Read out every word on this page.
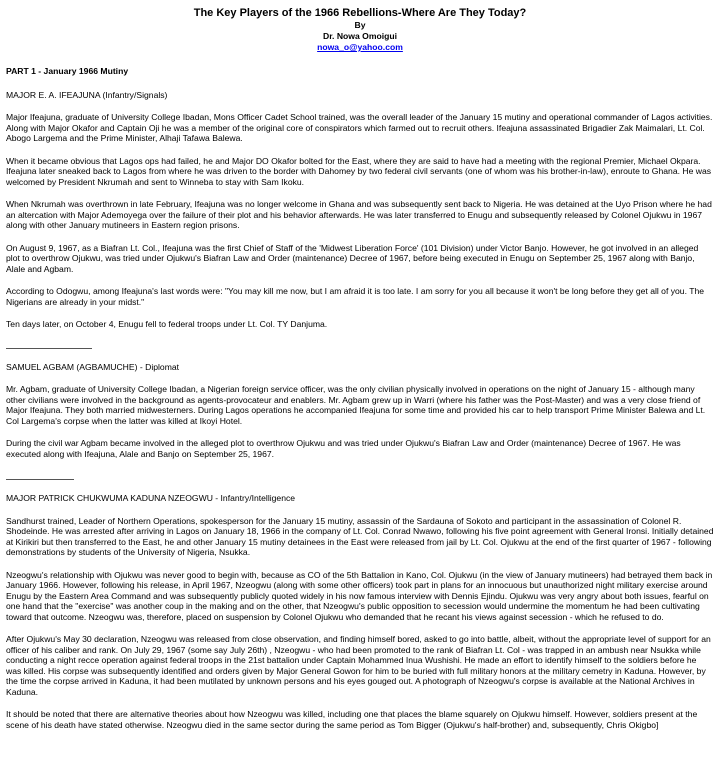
The Key Players of the 1966 Rebellions-Where Are They Today?
By
Dr. Nowa Omoigui
nowa_o@yahoo.com
PART 1 - January 1966 Mutiny
MAJOR E. A. IFEAJUNA (Infantry/Signals)

Major Ifeajuna, graduate of University College Ibadan, Mons Officer Cadet School trained, was the overall leader of the January 15 mutiny and operational commander of Lagos activities. Along with Major Okafor and Captain Oji he was a member of the original core of conspirators which farmed out to recruit others. Ifeajuna assassinated Brigadier Zak Maimalari, Lt. Col. Abogo Largema and the Prime Minister, Alhaji Tafawa Balewa.

When it became obvious that Lagos ops had failed, he and Major DO Okafor bolted for the East, where they are said to have had a meeting with the regional Premier, Michael Okpara. Ifeajuna later sneaked back to Lagos from where he was driven to the border with Dahomey by two federal civil servants (one of whom was his brother-in-law), enroute to Ghana. He was welcomed by President Nkrumah and sent to Winneba to stay with Sam Ikoku.

When Nkrumah was overthrown in late February, Ifeajuna was no longer welcome in Ghana and was subsequently sent back to Nigeria. He was detained at the Uyo Prison where he had an altercation with Major Ademoyega over the failure of their plot and his behavior afterwards. He was later transferred to Enugu and subsequently released by Colonel Ojukwu in 1967 along with other January mutineers in Eastern region prisons.

On August 9, 1967, as a Biafran Lt. Col., Ifeajuna was the first Chief of Staff of the 'Midwest Liberation Force' (101 Division) under Victor Banjo. However, he got involved in an alleged plot to overthrow Ojukwu, was tried under Ojukwu's Biafran Law and Order (maintenance) Decree of 1967, before being executed in Enugu on September 25, 1967 along with Banjo, Alale and Agbam.

According to Odogwu, among Ifeajuna's last words were: "You may kill me now, but I am afraid it is too late. I am sorry for you all because it won't be long before they get all of you. The Nigerians are already in your midst."

Ten days later, on October 4, Enugu fell to federal troops under Lt. Col. TY Danjuma.

SAMUEL AGBAM (AGBAMUCHE) - Diplomat

Mr. Agbam, graduate of University College Ibadan, a Nigerian foreign service officer, was the only civilian physically involved in operations on the night of January 15 - although many other civilians were involved in the background as agents-provocateur and enablers. Mr. Agbam grew up in Warri (where his father was the Post-Master) and was a very close friend of Major Ifeajuna. They both married midwesterners. During Lagos operations he accompanied Ifeajuna for some time and provided his car to help transport Prime Minister Balewa and Lt. Col Largema's corpse when the latter was killed at Ikoyi Hotel.

During the civil war Agbam became involved in the alleged plot to overthrow Ojukwu and was tried under Ojukwu's Biafran Law and Order (maintenance) Decree of 1967. He was executed along with Ifeajuna, Alale and Banjo on September 25, 1967.

MAJOR PATRICK CHUKWUMA KADUNA NZEOGWU - Infantry/Intelligence

Sandhurst trained, Leader of Northern Operations, spokesperson for the January 15 mutiny, assassin of the Sardauna of Sokoto and participant in the assassination of Colonel R. Shodeinde. He was arrested after arriving in Lagos on January 18, 1966 in the company of Lt. Col. Conrad Nwawo, following his five point agreement with General Ironsi. Initially detained at Kirikiri but then transferred to the East, he and other January 15 mutiny detainees in the East were released from jail by Lt. Col. Ojukwu at the end of the first quarter of 1967 - following demonstrations by students of the University of Nigeria, Nsukka.

Nzeogwu's relationship with Ojukwu was never good to begin with, because as CO of the 5th Battalion in Kano, Col. Ojukwu (in the view of January mutineers) had betrayed them back in January 1966. However, following his release, in April 1967, Nzeogwu (along with some other officers) took part in plans for an innocuous but unauthorized night military exercise around Enugu by the Eastern Area Command and was subsequently publicly quoted widely in his now famous interview with Dennis Ejindu. Ojukwu was very angry about both issues, fearful on one hand that the "exercise" was another coup in the making and on the other, that Nzeogwu's public opposition to secession would undermine the momentum he had been cultivating toward that outcome. Nzeogwu was, therefore, placed on suspension by Colonel Ojukwu who demanded that he recant his views against secession - which he refused to do.

After Ojukwu's May 30 declaration, Nzeogwu was released from close observation, and finding himself bored, asked to go into battle, albeit, without the appropriate level of support for an officer of his caliber and rank. On July 29, 1967 (some say July 26th) , Nzeogwu - who had been promoted to the rank of Biafran Lt. Col - was trapped in an ambush near Nsukka while conducting a night recce operation against federal troops in the 21st battalion under Captain Mohammed Inua Wushishi. He made an effort to identify himself to the soldiers before he was killed. His corpse was subsequently identified and orders given by Major General Gowon for him to be buried with full military honors at the military cemetry in Kaduna. However, by the time the corpse arrived in Kaduna, it had been mutilated by unknown persons and his eyes gouged out. A photograph of Nzeogwu's corpse is available at the National Archives in Kaduna.

It should be noted that there are alternative theories about how Nzeogwu was killed, including one that places the blame squarely on Ojukwu himself. However, soldiers present at the scene of his death have stated otherwise. Nzeogwu died in the same sector during the same period as Tom Bigger (Ojukwu's half-brother) and, subsequently, Chris Okigbo]
